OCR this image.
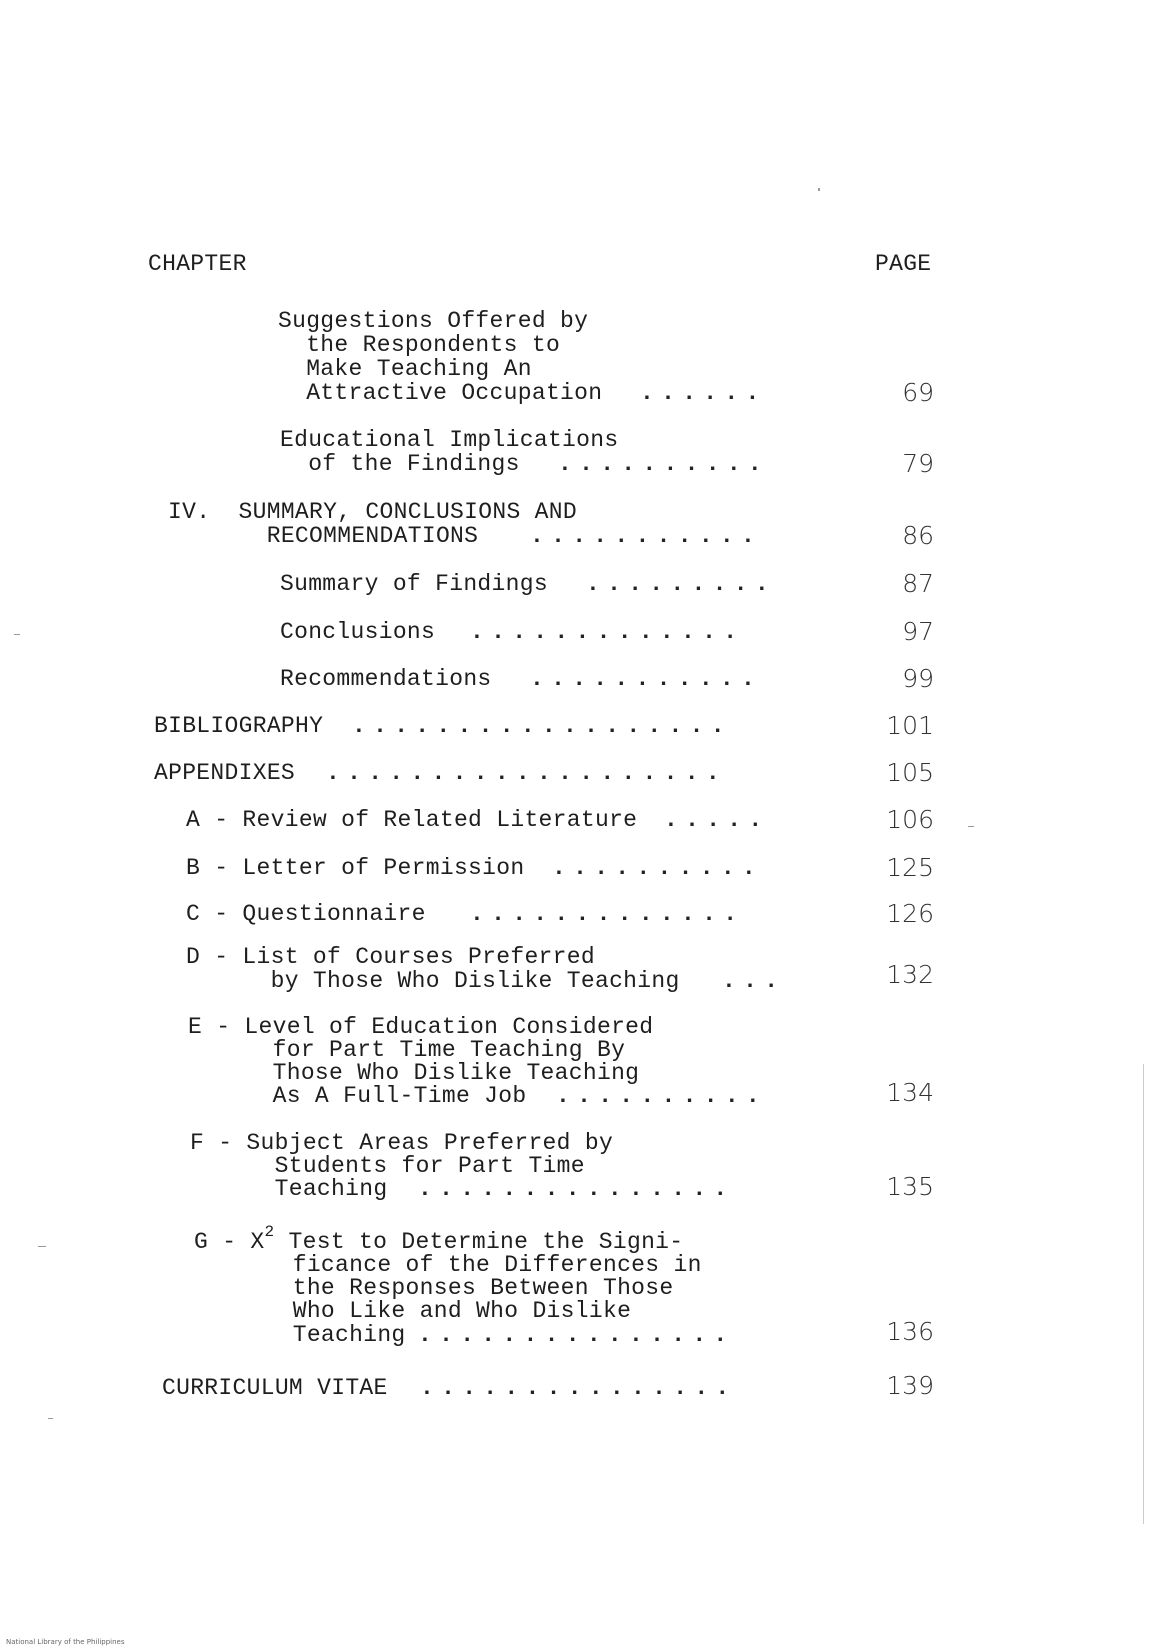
CHAPTER	PAGE
Suggestions Offered by
the Respondents to
Make Teaching An
Attractive Occupation ......	69
Educational Implications
of the Findings ..........	79
IV.  SUMMARY, CONCLUSIONS AND
RECOMMENDATIONS ...........	86
Summary of Findings .........	87
Conclusions .............	97
Recommendations ...........	99
BIBLIOGRAPHY ..................	101
APPENDIXES ...................	105
A - Review of Related Literature .....	106
B - Letter of Permission ..........	125
C - Questionnaire .............	126
D - List of Courses Preferred
by Those Who Dislike Teaching ...	132
E - Level of Education Considered
for Part Time Teaching By
Those Who Dislike Teaching
As A Full-Time Job ..........	134
F - Subject Areas Preferred by
Students for Part Time
Teaching ...............	135
G - $X^2$ Test to Determine the Signi-
ficance of the Differences in
the Responses Between Those
Who Like and Who Dislike
Teaching ...............	136
CURRICULUM VITAE ...............	139
National Library of the Philippines
